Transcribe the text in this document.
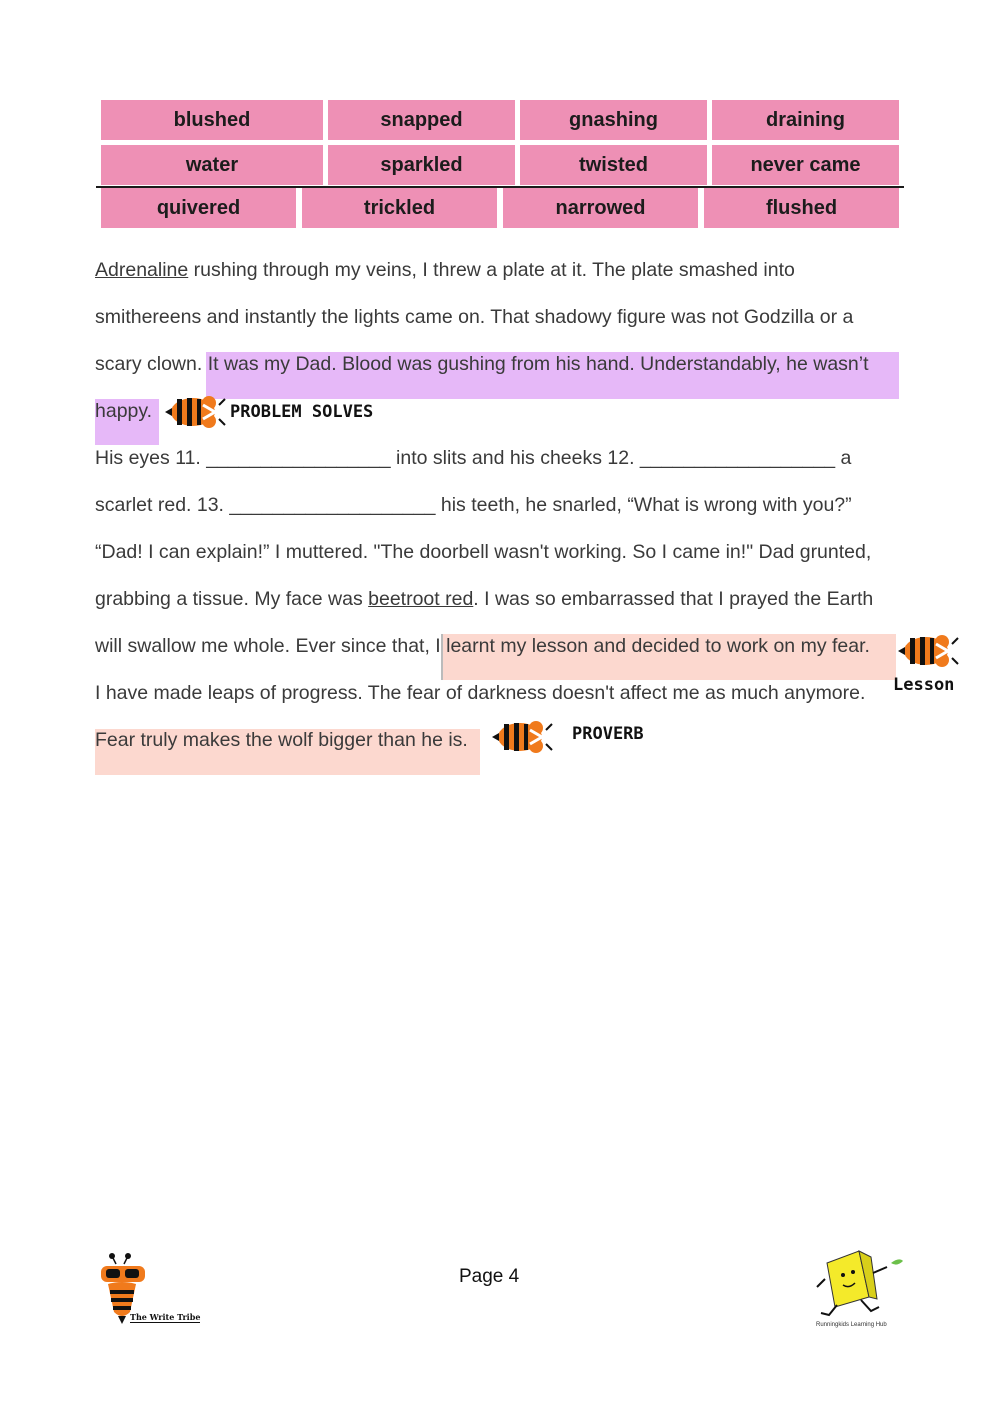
blushed	snapped	gnashing	draining
water	sparkled	twisted	never came
quivered	trickled	narrowed	flushed
Adrenaline rushing through my veins, I threw a plate at it. The plate smashed into
smithereens and instantly the lights came on. That shadowy figure was not Godzilla or a
scary clown. It was my Dad. Blood was gushing from his hand. Understandably, he wasn’t
happy.
His eyes 11. _________________ into slits and his cheeks 12. __________________ a
scarlet red. 13. ___________________ his teeth, he snarled, “What is wrong with you?”
“Dad! I can explain!” I muttered. "The doorbell wasn't working. So I came in!" Dad grunted,
grabbing a tissue. My face was beetroot red. I was so embarrassed that I prayed the Earth
will swallow me whole. Ever since that, I learnt my lesson and decided to work on my fear.
I have made leaps of progress. The fear of darkness doesn't affect me as much anymore.
Fear truly makes the wolf bigger than he is.
PROBLEM SOLVES
Lesson
PROVERB
The Write Tribe
Page 4
Runningkids Learning Hub
